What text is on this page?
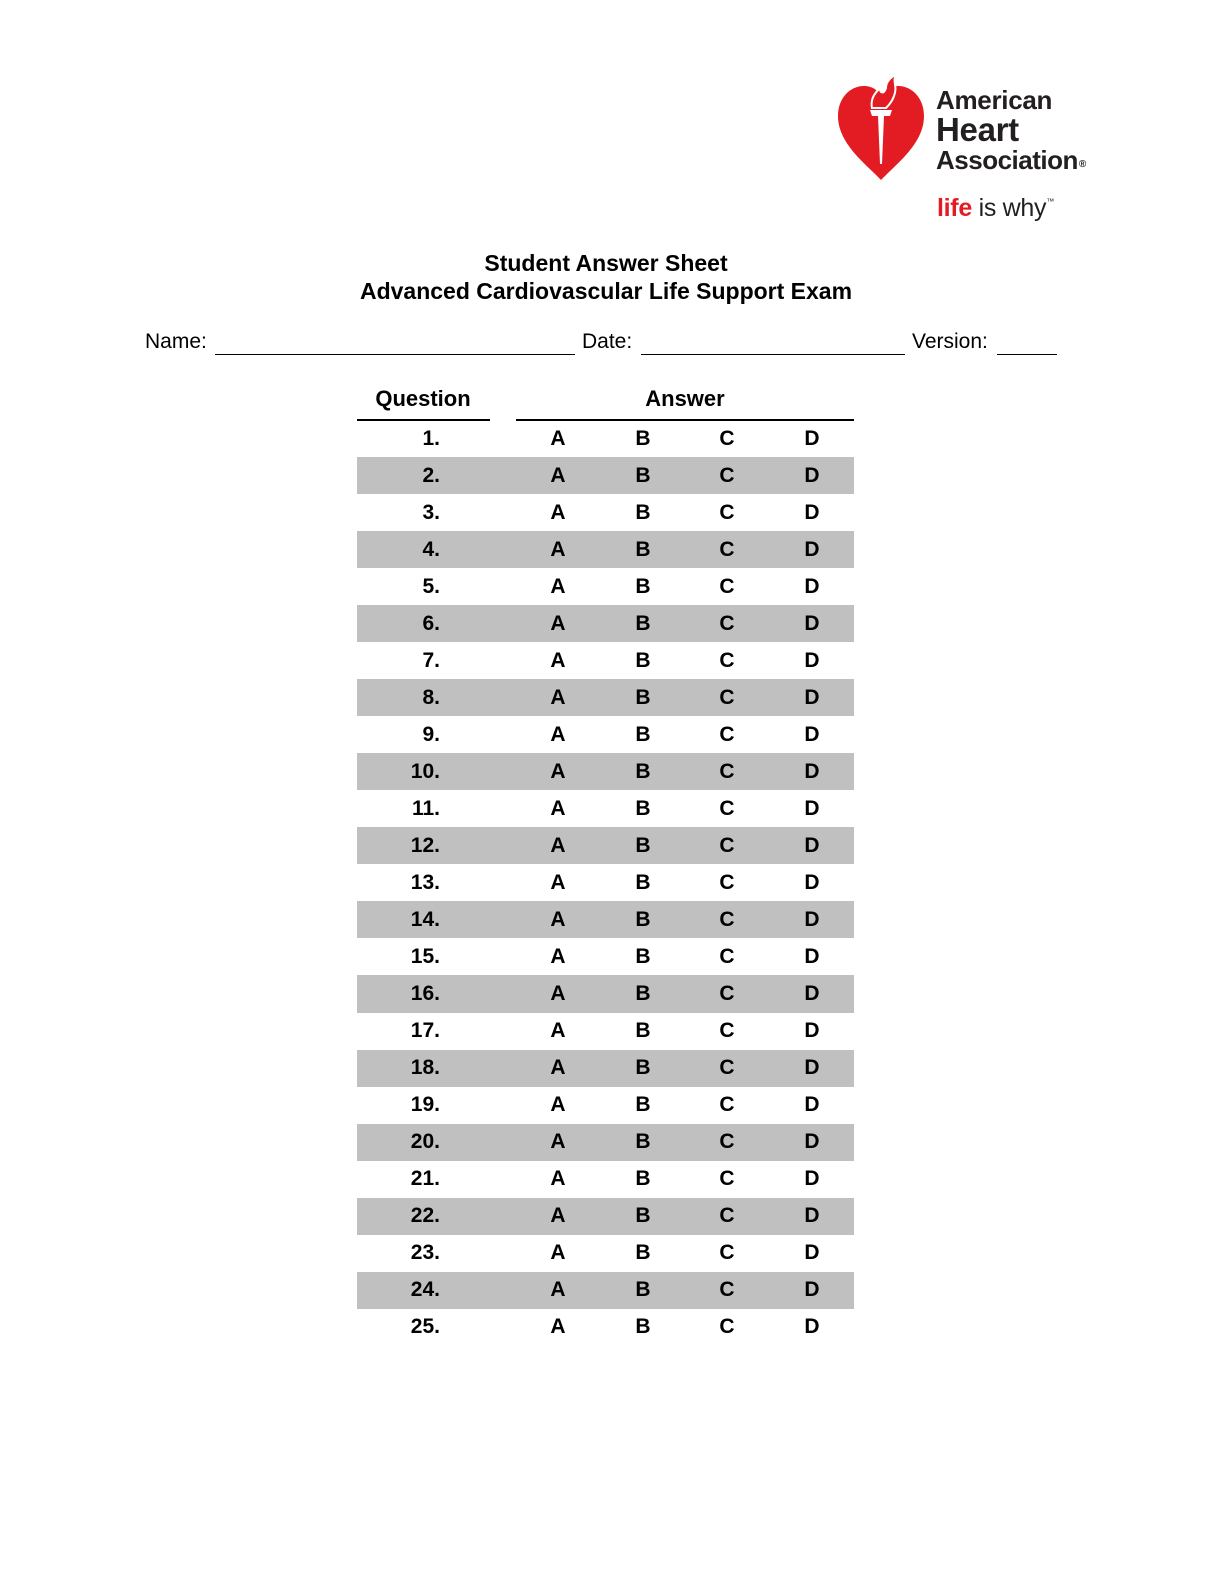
American
Heart
Association®
life is why™
Student Answer Sheet
Advanced Cardiovascular Life Support Exam
Name:	Date:	Version:
Question	Answer
1.	A	B	C	D
2.	A	B	C	D
3.	A	B	C	D
4.	A	B	C	D
5.	A	B	C	D
6.	A	B	C	D
7.	A	B	C	D
8.	A	B	C	D
9.	A	B	C	D
10.	A	B	C	D
11.	A	B	C	D
12.	A	B	C	D
13.	A	B	C	D
14.	A	B	C	D
15.	A	B	C	D
16.	A	B	C	D
17.	A	B	C	D
18.	A	B	C	D
19.	A	B	C	D
20.	A	B	C	D
21.	A	B	C	D
22.	A	B	C	D
23.	A	B	C	D
24.	A	B	C	D
25.	A	B	C	D
